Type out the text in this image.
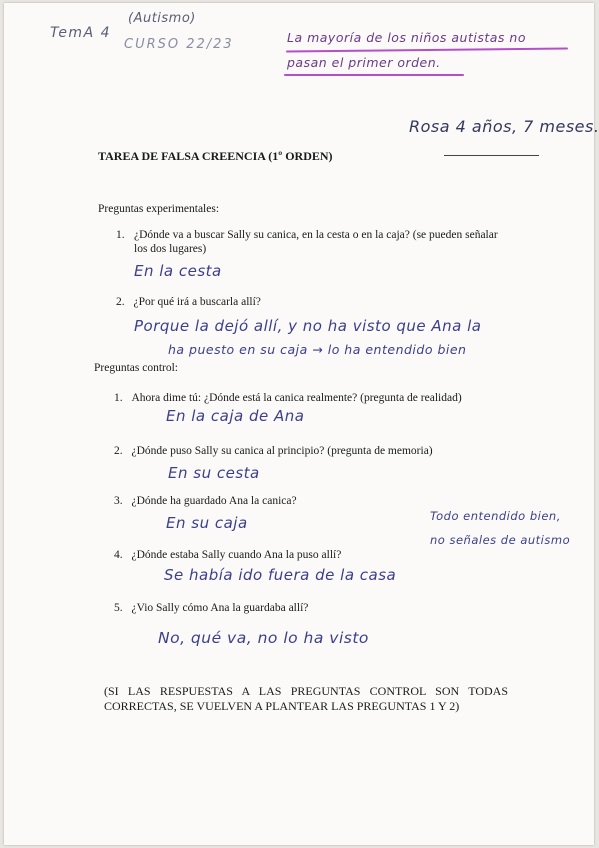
TemA 4
(Autismo)
CURSO 22/23	La mayoría de los niños autistas no
pasan el primer orden.
Rosa 4 años, 7 meses.
TAREA DE FALSA CREENCIA (1º ORDEN)
Preguntas experimentales:
1. ¿Dónde va a buscar Sally su canica, en la cesta o en la caja? (se pueden señalar
los dos lugares)
En la cesta
2. ¿Por qué irá a buscarla allí?
Porque la dejó allí, y no ha visto que Ana la
ha puesto en su caja → lo ha entendido bien
Preguntas control:
1. Ahora dime tú: ¿Dónde está la canica realmente? (pregunta de realidad)
En la caja de Ana
2. ¿Dónde puso Sally su canica al principio? (pregunta de memoria)
En su cesta
3. ¿Dónde ha guardado Ana la canica?
En su caja	Todo entendido bien,
no señales de autismo
4. ¿Dónde estaba Sally cuando Ana la puso allí?
Se había ido fuera de la casa
5. ¿Vio Sally cómo Ana la guardaba allí?
No, qué va, no lo ha visto
(SI LAS RESPUESTAS A LAS PREGUNTAS CONTROL SON TODAS
CORRECTAS, SE VUELVEN A PLANTEAR LAS PREGUNTAS 1 Y 2)
